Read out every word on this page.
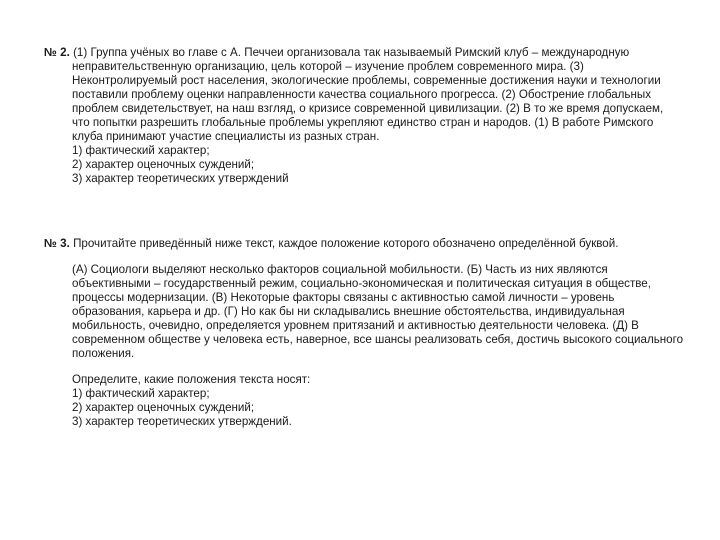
№ 2. (1) Группа учёных во главе с А. Печчеи организовала так называемый Римский клуб – международную неправительственную организацию, цель которой – изучение проблем современного мира. (3) Неконтролируемый рост населения, экологические проблемы, современные достижения науки и технологии поставили проблему оценки направленности качества социального прогресса. (2) Обострение глобальных проблем свидетельствует, на наш взгляд, о кризисе современной цивилизации. (2) В то же время допускаем, что попытки разрешить глобальные проблемы укрепляют единство стран и народов. (1) В работе Римского клуба принимают участие специалисты из разных стран.

1) фактический характер;
2) характер оценочных суждений;
3) характер теоретических утверждений

№ 3. Прочитайте приведённый ниже текст, каждое положение которого обозначено определённой буквой.

(А) Социологи выделяют несколько факторов социальной мобильности. (Б) Часть из них являются объективными – государственный режим, социально-экономическая и политическая ситуация в обществе, процессы модернизации. (В) Некоторые факторы связаны с активностью самой личности – уровень образования, карьера и др. (Г) Но как бы ни складывались внешние обстоятельства, индивидуальная мобильность, очевидно, определяется уровнем притязаний и активностью деятельности человека. (Д) В современном обществе у человека есть, наверное, все шансы реализовать себя, достичь высокого социального положения.

Определите, какие положения текста носят:
1) фактический характер;
2) характер оценочных суждений;
3) характер теоретических утверждений.
